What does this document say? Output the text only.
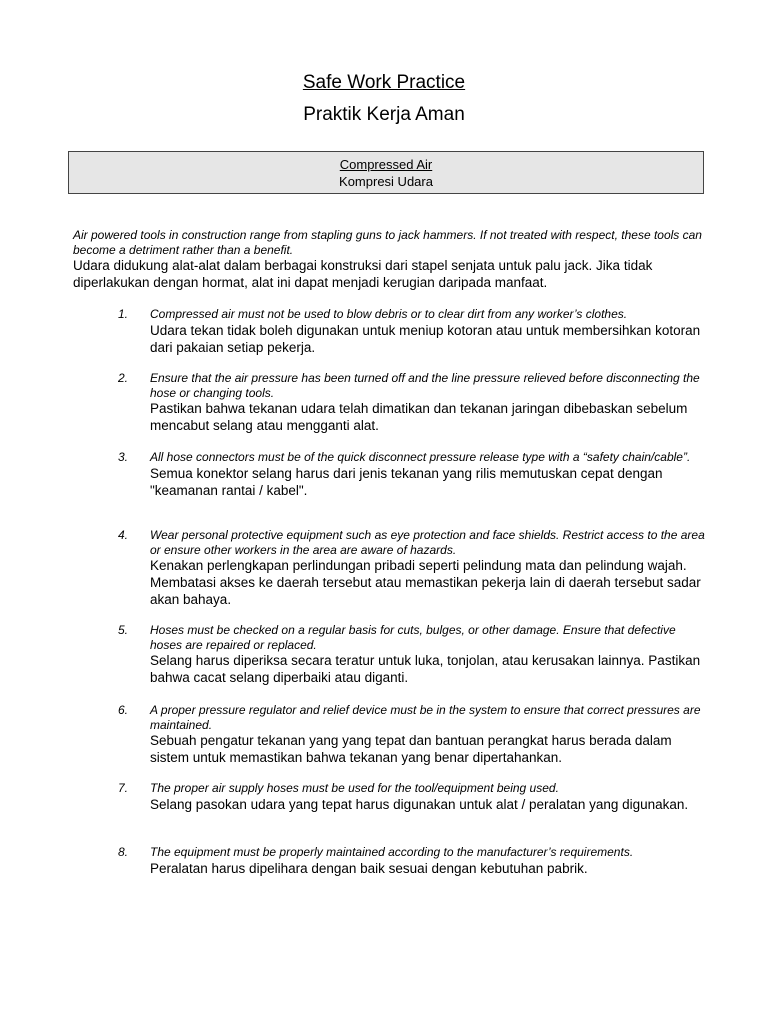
Safe Work Practice
Praktik Kerja Aman
Compressed Air
Kompresi Udara
Air powered tools in construction range from stapling guns to jack hammers. If not treated with respect, these tools can become a detriment rather than a benefit.
Udara didukung alat-alat dalam berbagai konstruksi dari stapel senjata untuk palu jack. Jika tidak diperlakukan dengan hormat, alat ini dapat menjadi kerugian daripada manfaat.
1. Compressed air must not be used to blow debris or to clear dirt from any worker’s clothes.
Udara tekan tidak boleh digunakan untuk meniup kotoran atau untuk membersihkan kotoran dari pakaian setiap pekerja.
2. Ensure that the air pressure has been turned off and the line pressure relieved before disconnecting the hose or changing tools.
Pastikan bahwa tekanan udara telah dimatikan dan tekanan jaringan dibebaskan sebelum mencabut selang atau mengganti alat.
3. All hose connectors must be of the quick disconnect pressure release type with a “safety chain/cable”.
Semua konektor selang harus dari jenis tekanan yang rilis memutuskan cepat dengan "keamanan rantai / kabel".
4. Wear personal protective equipment such as eye protection and face shields. Restrict access to the area or ensure other workers in the area are aware of hazards.
Kenakan perlengkapan perlindungan pribadi seperti pelindung mata dan pelindung wajah. Membatasi akses ke daerah tersebut atau memastikan pekerja lain di daerah tersebut sadar akan bahaya.
5. Hoses must be checked on a regular basis for cuts, bulges, or other damage. Ensure that defective hoses are repaired or replaced.
Selang harus diperiksa secara teratur untuk luka, tonjolan, atau kerusakan lainnya. Pastikan bahwa cacat selang diperbaiki atau diganti.
6. A proper pressure regulator and relief device must be in the system to ensure that correct pressures are maintained.
Sebuah pengatur tekanan yang yang tepat dan bantuan perangkat harus berada dalam sistem untuk memastikan bahwa tekanan yang benar dipertahankan.
7. The proper air supply hoses must be used for the tool/equipment being used.
Selang pasokan udara yang tepat harus digunakan untuk alat / peralatan yang digunakan.
8. The equipment must be properly maintained according to the manufacturer’s requirements.
Peralatan harus dipelihara dengan baik sesuai dengan kebutuhan pabrik.
